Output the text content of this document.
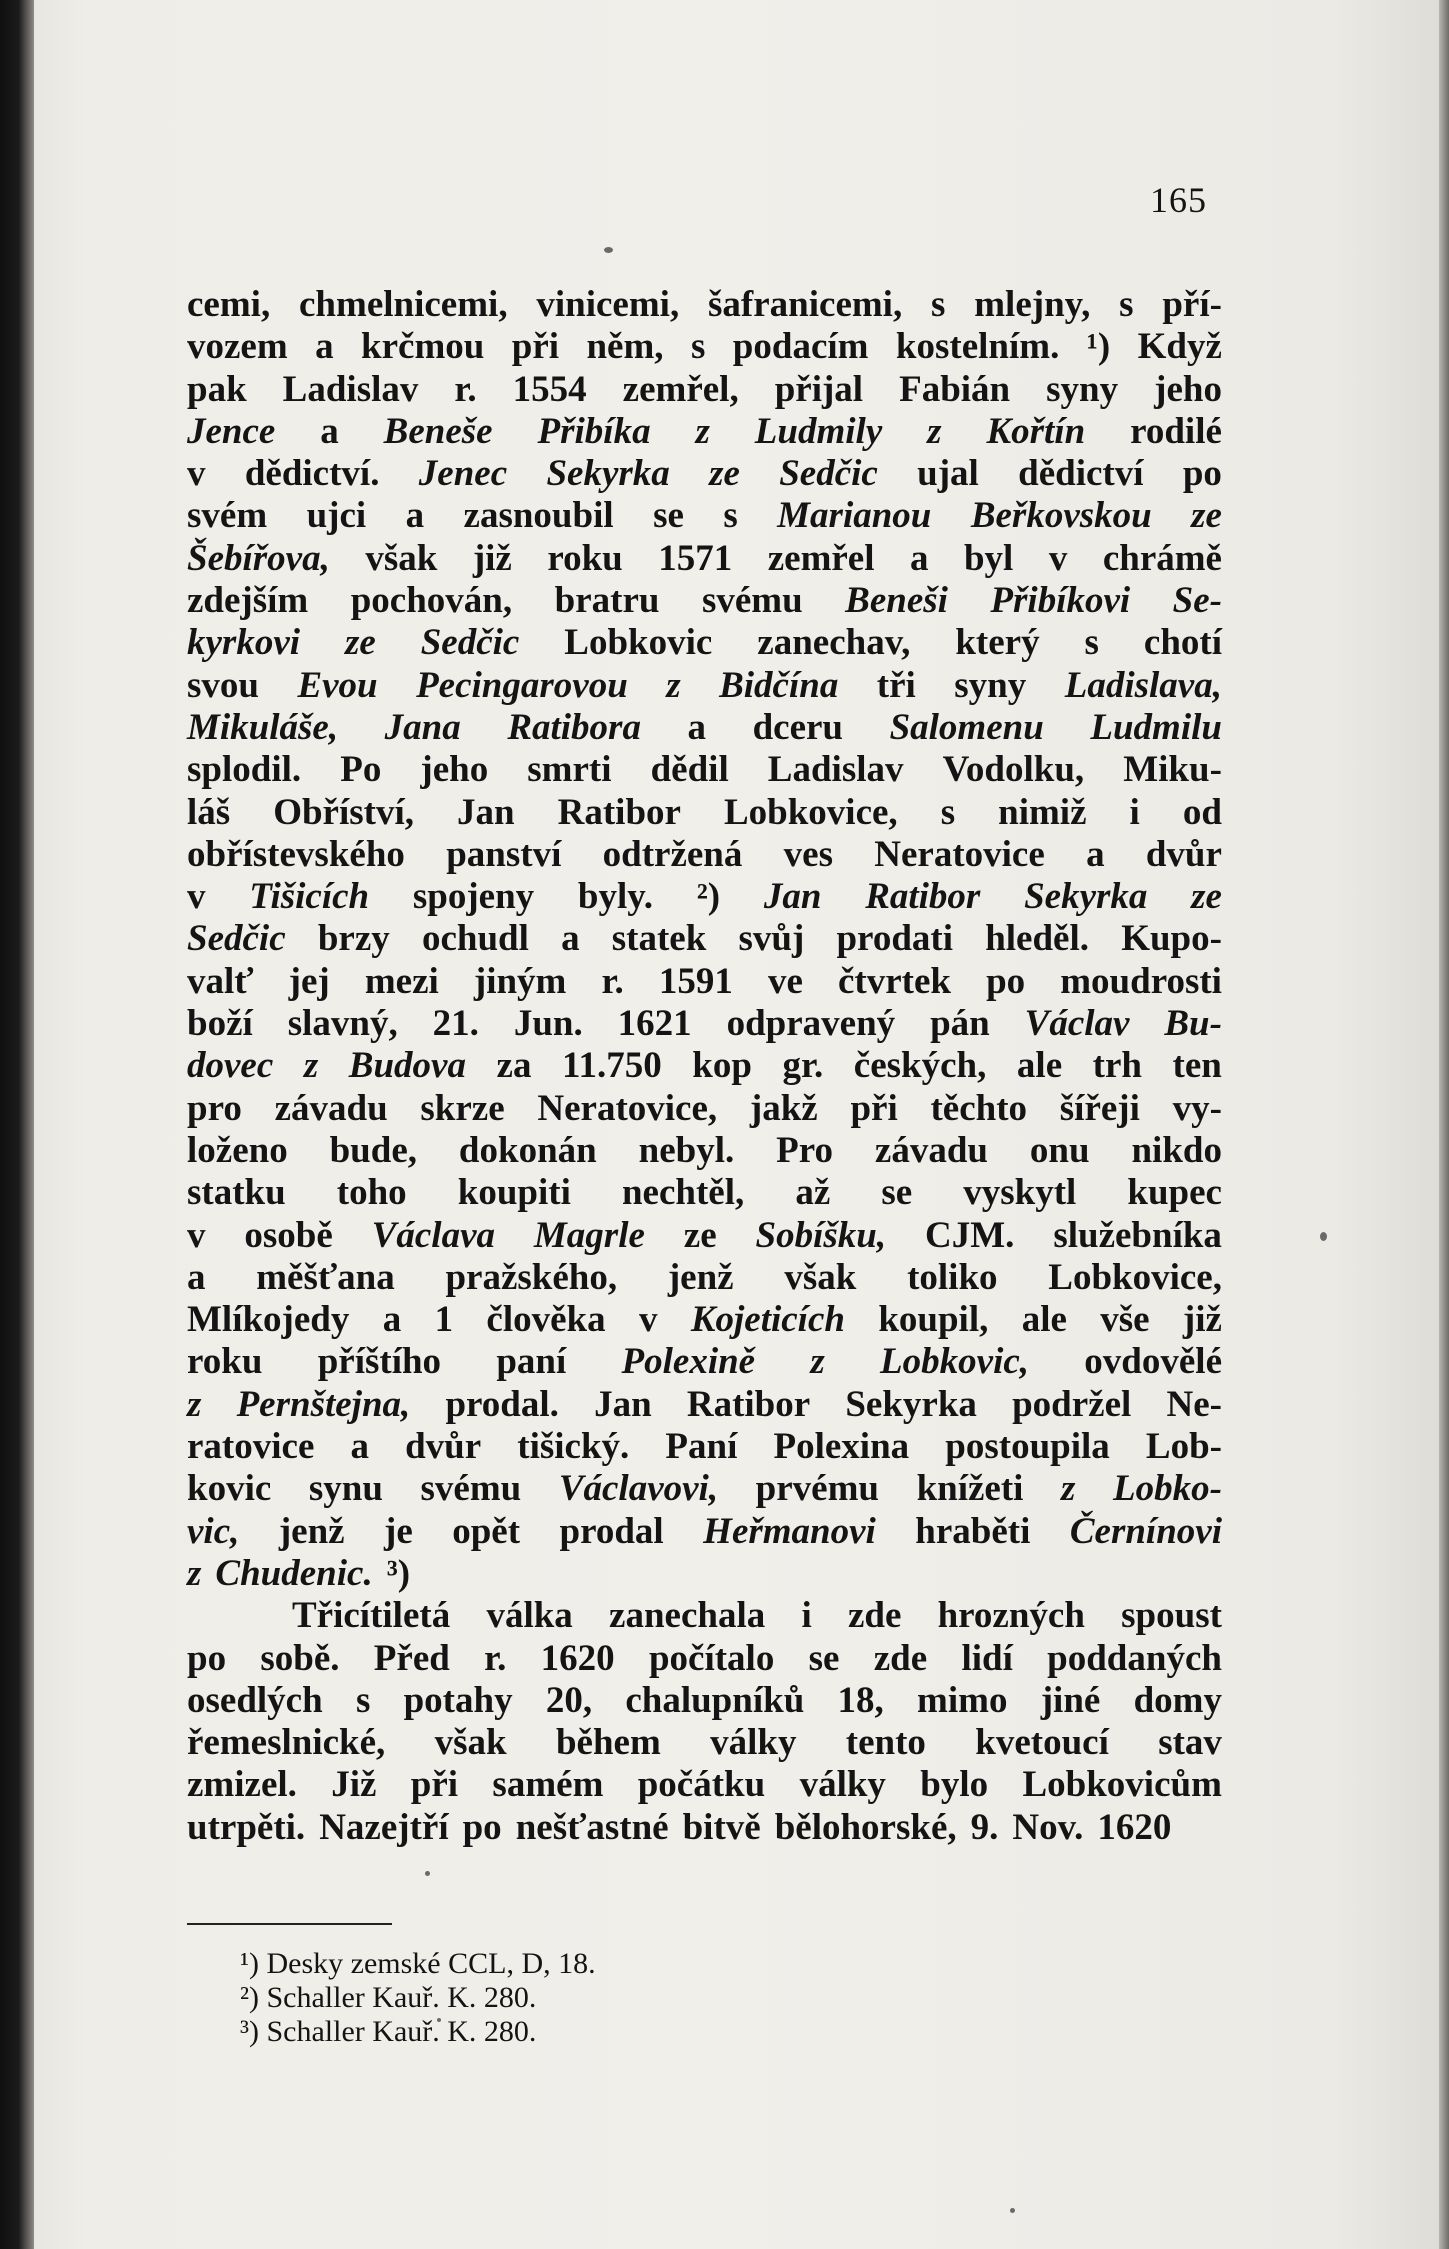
165
cemi, chmelnicemi, vinicemi, šafranicemi, s mlejny, s pří-
vozem a krčmou při něm, s podacím kostelním. ¹) Když
pak Ladislav r. 1554 zemřel, přijal Fabián syny jeho
Jence a Beneše Přibíka z Ludmily z Kořtín rodilé
v dědictví. Jenec Sekyrka ze Sedčic ujal dědictví po
svém ujci a zasnoubil se s Marianou Beřkovskou ze
Šebířova, však již roku 1571 zemřel a byl v chrámě
zdejším pochován, bratru svému Beneši Přibíkovi Se-
kyrkovi ze Sedčic Lobkovic zanechav, který s chotí
svou Evou Pecingarovou z Bidčína tři syny Ladislava,
Mikuláše, Jana Ratibora a dceru Salomenu Ludmilu
splodil. Po jeho smrti dědil Ladislav Vodolku, Miku-
láš Obříství, Jan Ratibor Lobkovice, s nimiž i od
obřístevského panství odtržená ves Neratovice a dvůr
v Tišicích spojeny byly. ²) Jan Ratibor Sekyrka ze
Sedčic brzy ochudl a statek svůj prodati hleděl. Kupo-
valť jej mezi jiným r. 1591 ve čtvrtek po moudrosti
boží slavný, 21. Jun. 1621 odpravený pán Václav Bu-
dovec z Budova za 11.750 kop gr. českých, ale trh ten
pro závadu skrze Neratovice, jakž při těchto šířeji vy-
loženo bude, dokonán nebyl. Pro závadu onu nikdo
statku toho koupiti nechtěl, až se vyskytl kupec
v osobě Václava Magrle ze Sobíšku, CJM. služebníka
a měšťana pražského, jenž však toliko Lobkovice,
Mlíkojedy a 1 člověka v Kojeticích koupil, ale vše již
roku příštího paní Polexině z Lobkovic, ovdovělé
z Pernštejna, prodal. Jan Ratibor Sekyrka podržel Ne-
ratovice a dvůr tišický. Paní Polexina postoupila Lob-
kovic synu svému Václavovi, prvému knížeti z Lobko-
vic, jenž je opět prodal Heřmanovi hraběti Černínovi
z Chudenic. ³)
Třicítiletá válka zanechala i zde hrozných spoust
po sobě. Před r. 1620 počítalo se zde lidí poddaných
osedlých s potahy 20, chalupníků 18, mimo jiné domy
řemeslnické, však během války tento kvetoucí stav
zmizel. Již při samém počátku války bylo Lobkovicům
utrpěti. Nazejtří po nešťastné bitvě bělohorské, 9. Nov. 1620
¹) Desky zemské CCL, D, 18.
²) Schaller Kauř. K. 280.
³) Schaller Kauř. K. 280.
